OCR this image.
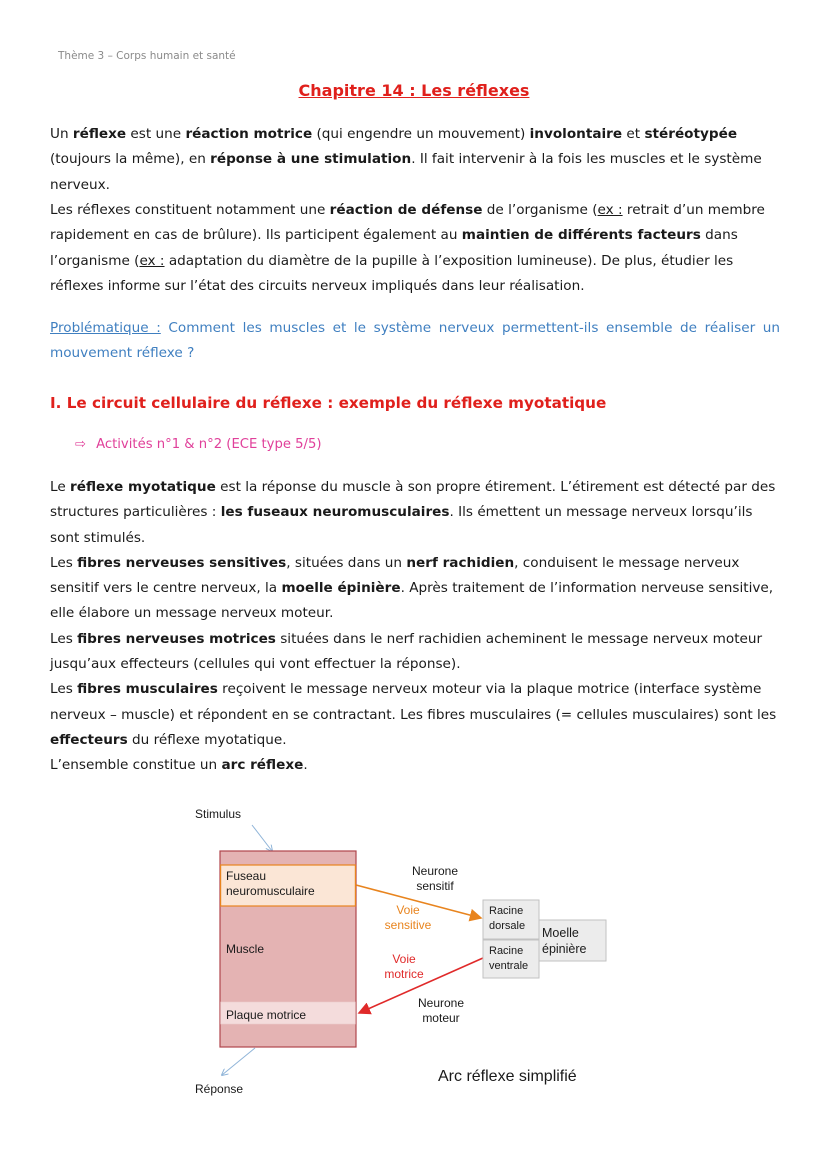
Thème 3 – Corps humain et santé
Chapitre 14 : Les réflexes
Un réflexe est une réaction motrice (qui engendre un mouvement) involontaire et stéréotypée (toujours la même), en réponse à une stimulation. Il fait intervenir à la fois les muscles et le système nerveux.
Les réflexes constituent notamment une réaction de défense de l’organisme (ex : retrait d’un membre rapidement en cas de brûlure). Ils participent également au maintien de différents facteurs dans l’organisme (ex : adaptation du diamètre de la pupille à l’exposition lumineuse). De plus, étudier les réflexes informe sur l’état des circuits nerveux impliqués dans leur réalisation.
Problématique : Comment les muscles et le système nerveux permettent-ils ensemble de réaliser un mouvement réflexe ?
I. Le circuit cellulaire du réflexe : exemple du réflexe myotatique
⇨ Activités n°1 & n°2 (ECE type 5/5)
Le réflexe myotatique est la réponse du muscle à son propre étirement. L’étirement est détecté par des structures particulières : les fuseaux neuromusculaires. Ils émettent un message nerveux lorsqu’ils sont stimulés.
Les fibres nerveuses sensitives, situées dans un nerf rachidien, conduisent le message nerveux sensitif vers le centre nerveux, la moelle épinière. Après traitement de l’information nerveuse sensitive, elle élabore un message nerveux moteur.
Les fibres nerveuses motrices situées dans le nerf rachidien acheminent le message nerveux moteur jusqu’aux effecteurs (cellules qui vont effectuer la réponse).
Les fibres musculaires reçoivent le message nerveux moteur via la plaque motrice (interface système nerveux – muscle) et répondent en se contractant. Les fibres musculaires (= cellules musculaires) sont les effecteurs du réflexe myotatique.
L’ensemble constitue un arc réflexe.
Stimulus
Fuseau
neuromusculaire
Muscle
Plaque motrice
Réponse
Neurone
sensitif
Voie
sensitive
Voie
motrice
Neurone
moteur
Racine
dorsale
Racine
ventrale
Moelle
épinière
Arc réflexe simplifié
